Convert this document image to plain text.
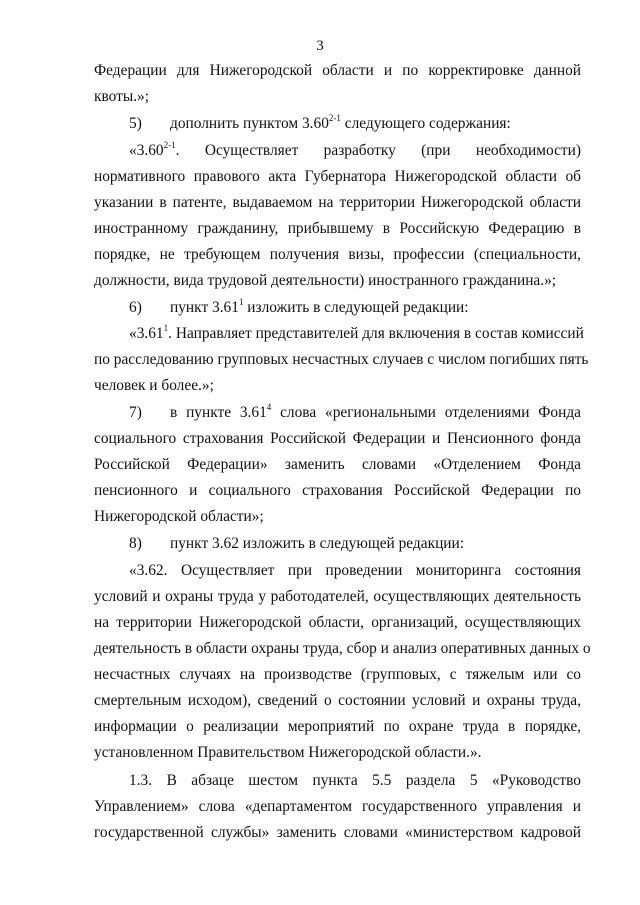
3
Федерации для Нижегородской области и по корректировке данной
квоты.»;
5) дополнить пунктом 3.60$^{2-1}$ следующего содержания:
«3.60$^{2-1}$. Осуществляет разработку (при необходимости)
нормативного правового акта Губернатора Нижегородской области об
указании в патенте, выдаваемом на территории Нижегородской области
иностранному гражданину, прибывшему в Российскую Федерацию в
порядке, не требующем получения визы, профессии (специальности,
должности, вида трудовой деятельности) иностранного гражданина.»;
6) пункт 3.61$^1$ изложить в следующей редакции:
«3.61$^1$. Направляет представителей для включения в состав комиссий
по расследованию групповых несчастных случаев с числом погибших пять
человек и более.»;
7) в пункте 3.61$^4$ слова «региональными отделениями Фонда
социального страхования Российской Федерации и Пенсионного фонда
Российской Федерации» заменить словами «Отделением Фонда
пенсионного и социального страхования Российской Федерации по
Нижегородской области»;
8) пункт 3.62 изложить в следующей редакции:
«3.62. Осуществляет при проведении мониторинга состояния
условий и охраны труда у работодателей, осуществляющих деятельность
на территории Нижегородской области, организаций, осуществляющих
деятельность в области охраны труда, сбор и анализ оперативных данных о
несчастных случаях на производстве (групповых, с тяжелым или со
смертельным исходом), сведений о состоянии условий и охраны труда,
информации о реализации мероприятий по охране труда в порядке,
установленном Правительством Нижегородской области.».
1.3. В абзаце шестом пункта 5.5 раздела 5 «Руководство
Управлением» слова «департаментом государственного управления и
государственной службы» заменить словами «министерством кадровой
